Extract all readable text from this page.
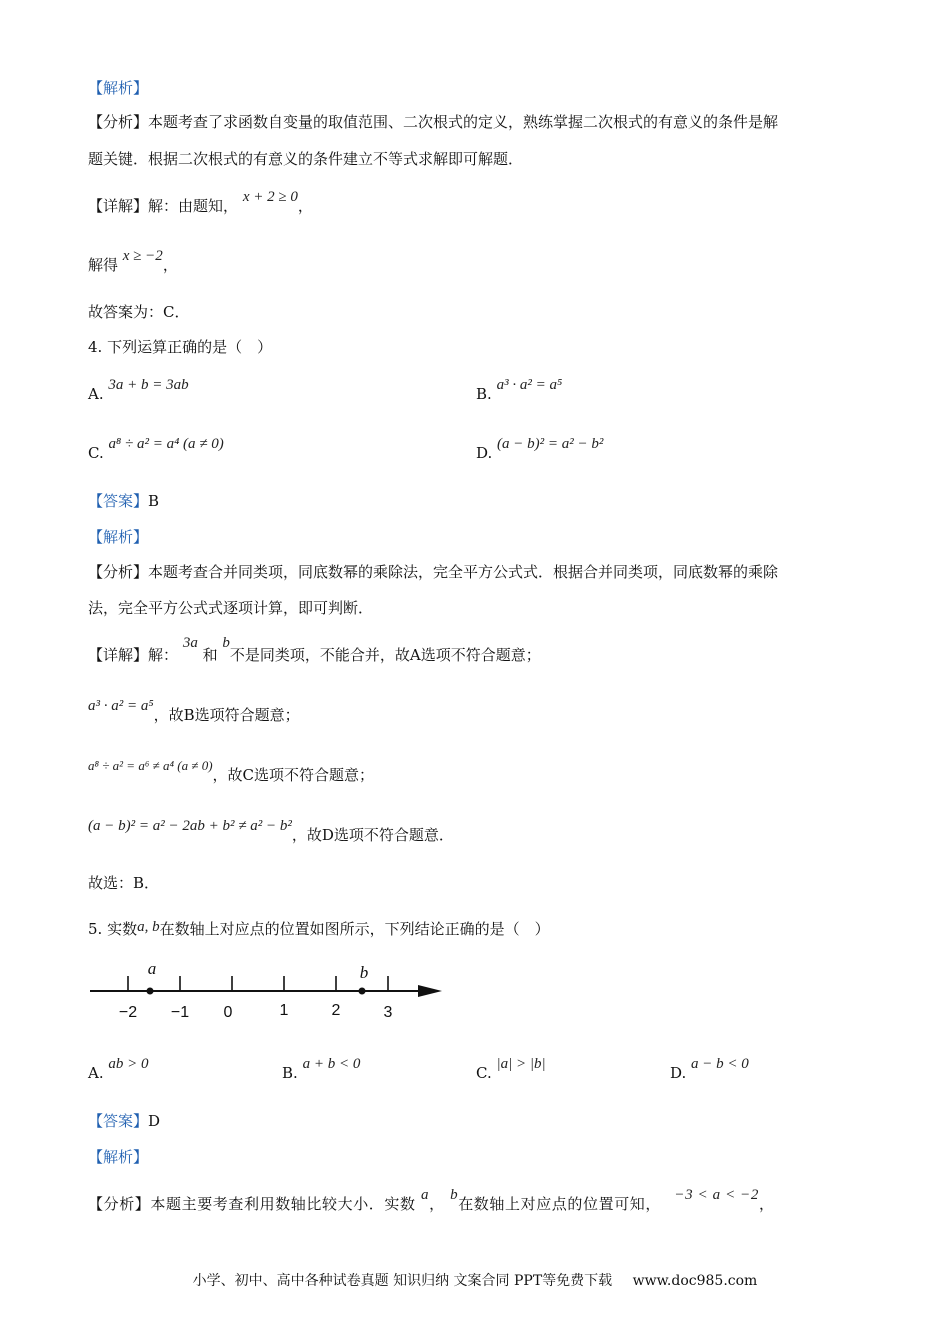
【解析】
【分析】本题考查了求函数自变量的取值范围、二次根式的定义，熟练掌握二次根式的有意义的条件是解
题关键．根据二次根式的有意义的条件建立不等式求解即可解题．
【详解】解：由题知， x + 2 ≥ 0，
解得 x ≥ −2，
故答案为：C．
4. 下列运算正确的是（　）
A. 3a + b = 3ab	B. a³ · a² = a⁵
C. a⁸ ÷ a² = a⁴ (a ≠ 0)	D. (a − b)² = a² − b²
【答案】B
【解析】
【分析】本题考查合并同类项，同底数幂的乘除法，完全平方公式式．根据合并同类项，同底数幂的乘除
法，完全平方公式式逐项计算，即可判断．
【详解】解： 3a 和 b不是同类项，不能合并，故A选项不符合题意；
a³ · a² = a⁵，故B选项符合题意；
a⁸ ÷ a² = a⁶ ≠ a⁴ (a ≠ 0)，故C选项不符合题意；
(a − b)² = a² − 2ab + b² ≠ a² − b²，故D选项不符合题意．
故选：B．
5. 实数a, b在数轴上对应点的位置如图所示，下列结论正确的是（　）
−2 −1 0	1	2	3
a	b
A. ab > 0	B. a + b < 0	C. |a| > |b|	D. a − b < 0
【答案】D
【解析】
【分析】本题主要考查利用数轴比较大小．实数 a， b在数轴上对应点的位置可知， −3 < a < −2，
小学、初中、高中各种试卷真题 知识归纳 文案合同 PPT等免费下载 www.doc985.com
